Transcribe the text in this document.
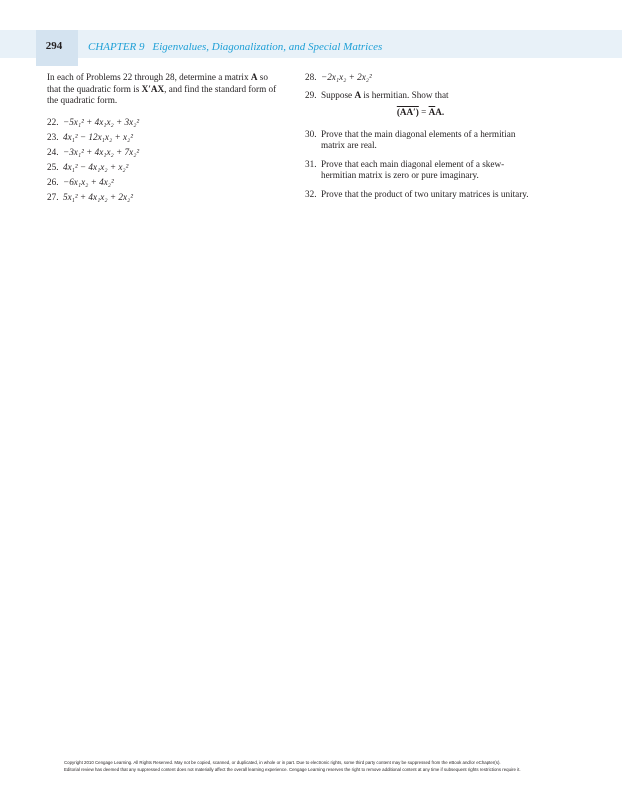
294	CHAPTER 9 Eigenvalues, Diagonalization, and Special Matrices

In each of Problems 22 through 28, determine a matrix A so that the quadratic form is X′AX, and find the standard form of the quadratic form.

22. −5x₁² + 4x₁x₂ + 3x₂²
23. 4x₁² − 12x₁x₂ + x₂²
24. −3x₁² + 4x₁x₂ + 7x₂²
25. 4x₁² − 4x₁x₂ + x₂²
26. −6x₁x₂ + 4x₂²
27. 5x₁² + 4x₁x₂ + 2x₂²
28. −2x₁x₂ + 2x₂²
29. Suppose A is hermitian. Show that
$(AA') = \overline{A}A$.
30. Prove that the main diagonal elements of a hermitian matrix are real.
31. Prove that each main diagonal element of a skew-hermitian matrix is zero or pure imaginary.
32. Prove that the product of two unitary matrices is unitary.
Copyright 2010 Cengage Learning. All Rights Reserved. May not be copied, scanned, or duplicated, in whole or in part. Due to electronic rights, some third party content may be suppressed from the eBook and/or eChapter(s).
Editorial review has deemed that any suppressed content does not materially affect the overall learning experience. Cengage Learning reserves the right to remove additional content at any time if subsequent rights restrictions require it.
